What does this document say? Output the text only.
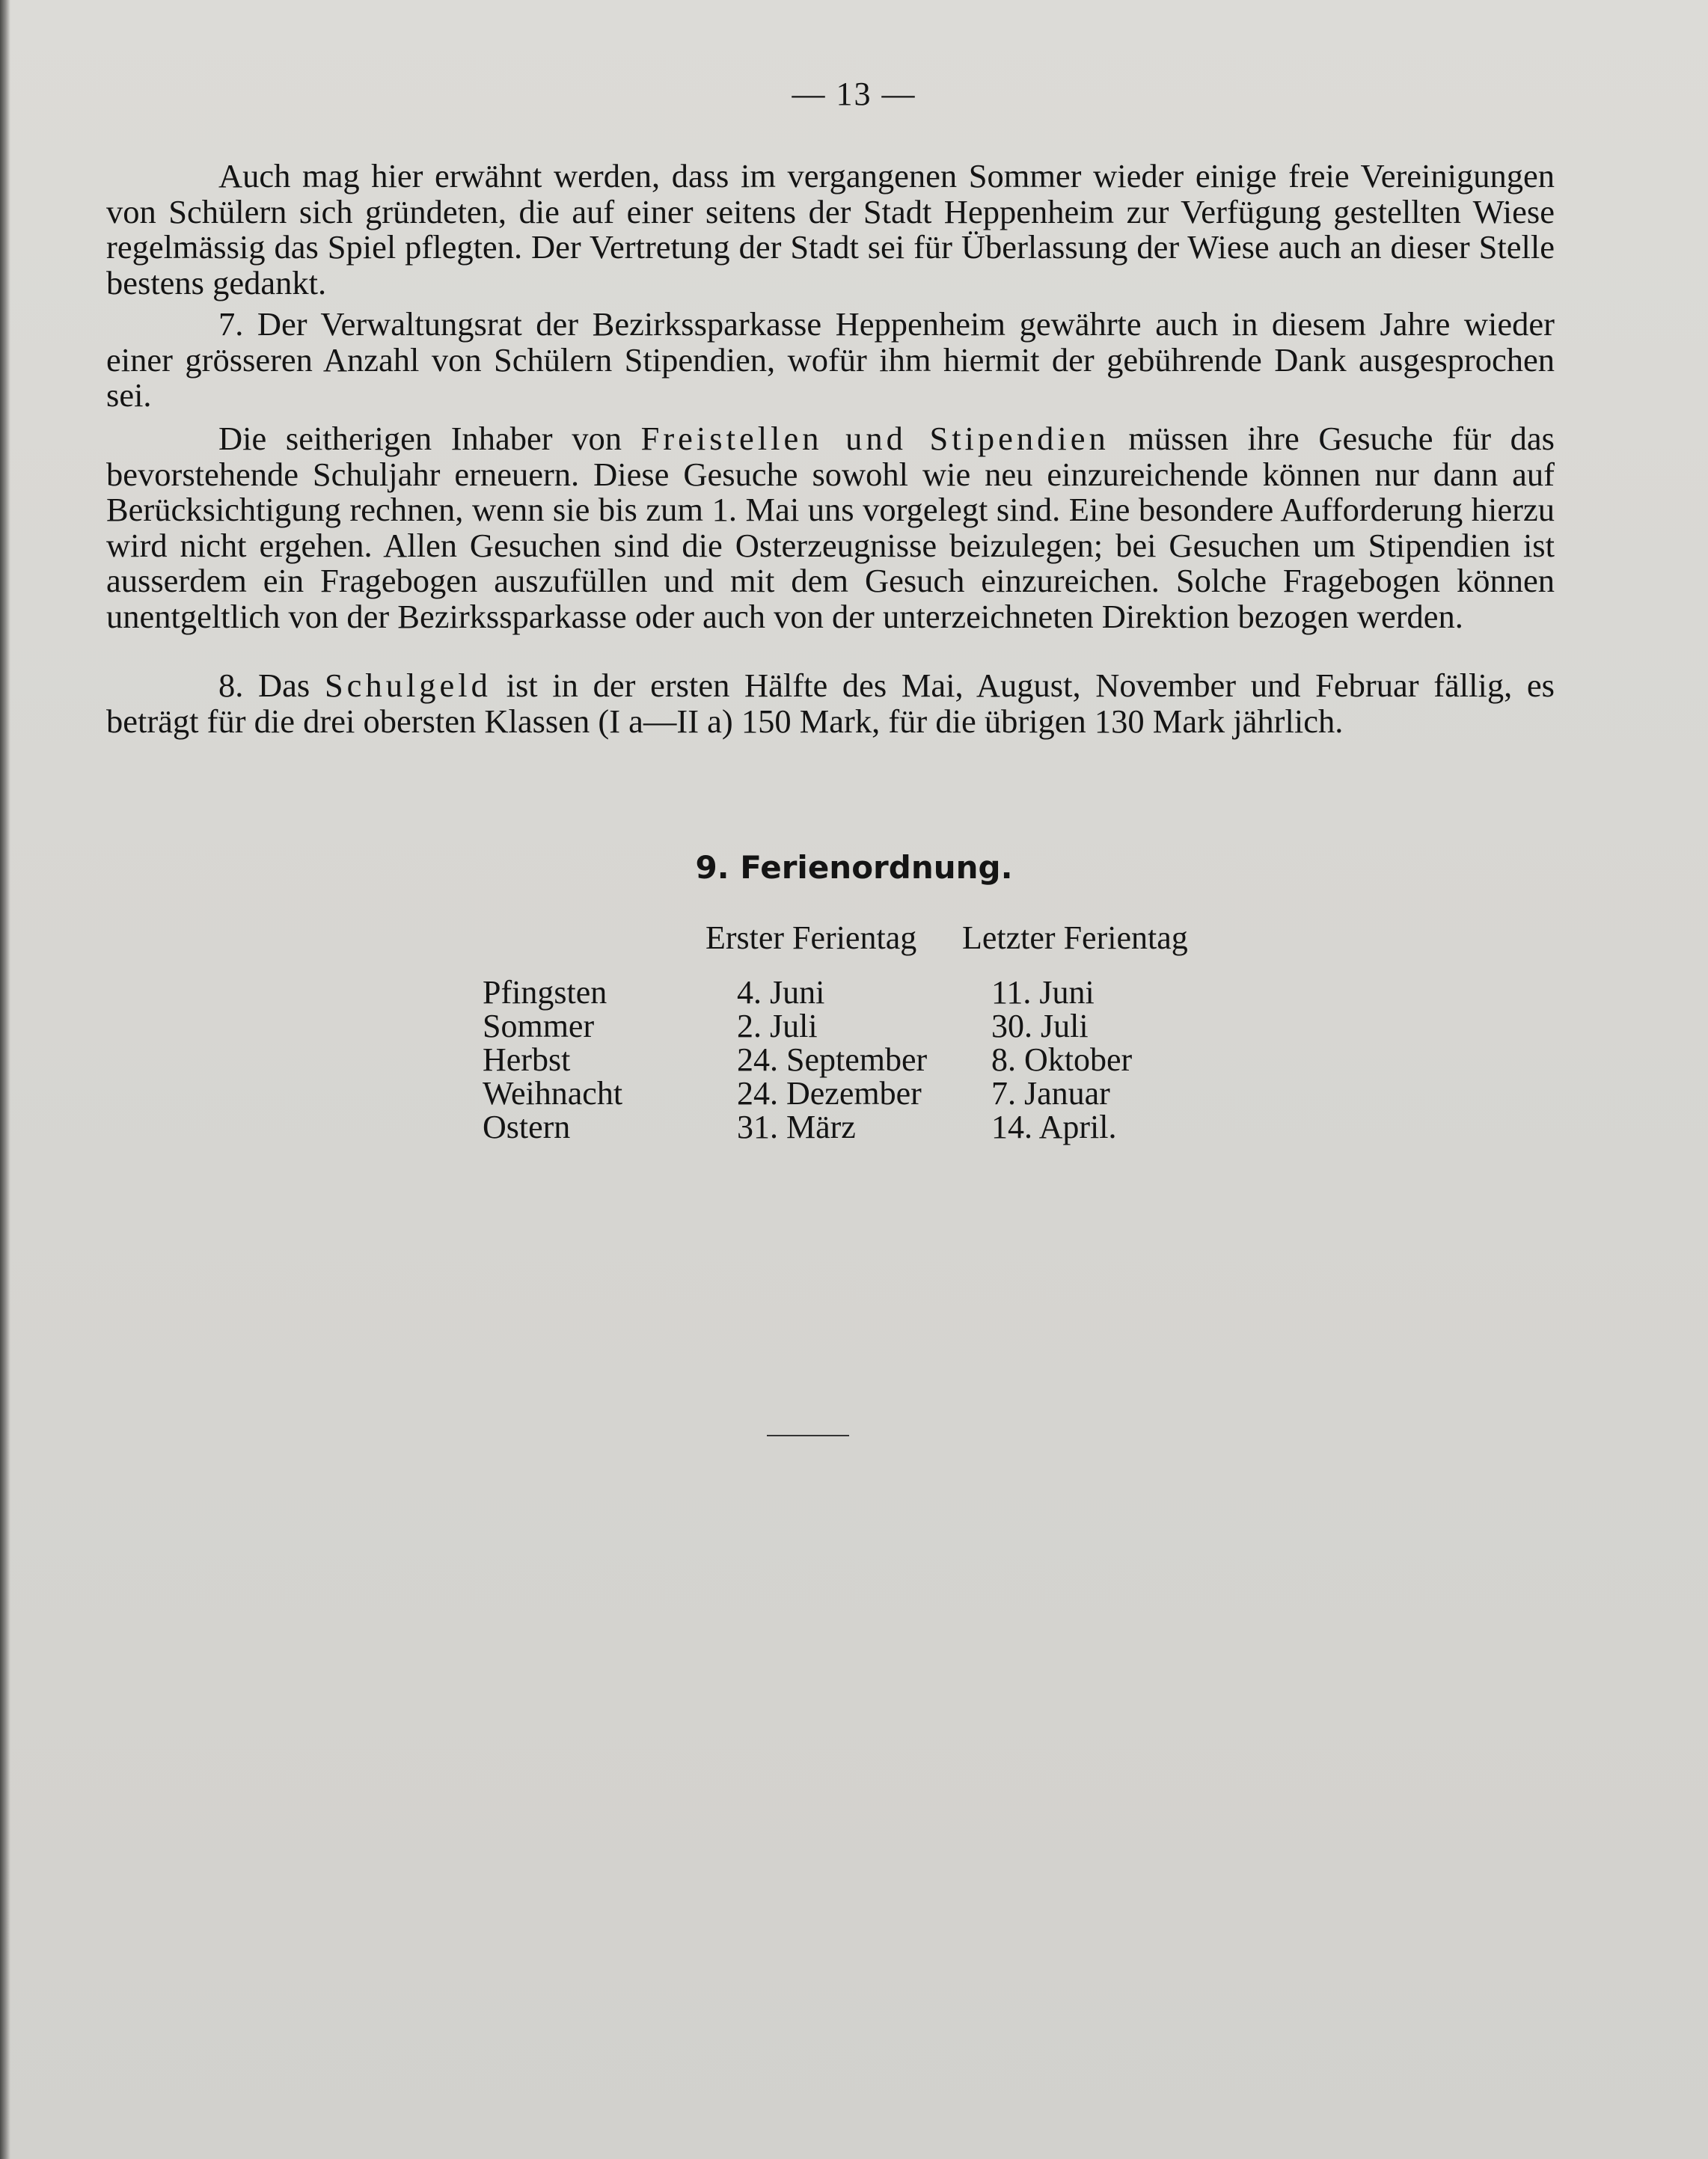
— 13 —

Auch mag hier erwähnt werden, dass im vergangenen Sommer wieder einige freie Vereinigungen von Schülern sich gründeten, die auf einer seitens der Stadt Heppenheim zur Verfügung gestellten Wiese regelmässig das Spiel pflegten. Der Vertretung der Stadt sei für Überlassung der Wiese auch an dieser Stelle bestens gedankt.

7. Der Verwaltungsrat der Bezirkssparkasse Heppenheim gewährte auch in diesem Jahre wieder einer grösseren Anzahl von Schülern Stipendien, wofür ihm hiermit der gebührende Dank ausgesprochen sei.

Die seitherigen Inhaber von Freistellen und Stipendien müssen ihre Gesuche für das bevorstehende Schuljahr erneuern. Diese Gesuche sowohl wie neu einzureichende können nur dann auf Berücksichtigung rechnen, wenn sie bis zum 1. Mai uns vorgelegt sind. Eine besondere Aufforderung hierzu wird nicht ergehen. Allen Gesuchen sind die Osterzeugnisse beizulegen; bei Gesuchen um Stipendien ist ausserdem ein Fragebogen auszufüllen und mit dem Gesuch einzureichen. Solche Fragebogen können unentgeltlich von der Bezirkssparkasse oder auch von der unterzeichneten Direktion bezogen werden.

8. Das Schulgeld ist in der ersten Hälfte des Mai, August, November und Februar fällig, es beträgt für die drei obersten Klassen (I a—II a) 150 Mark, für die übrigen 130 Mark jährlich.

9. Ferienordnung.
Erster Ferientag Letzter Ferientag
Pfingsten	4. Juni	11. Juni
Sommer	2. Juli	30. Juli
Herbst	24. September 8. Oktober
Weihnacht	24. Dezember 7. Januar
Ostern	31. März	14. April.
